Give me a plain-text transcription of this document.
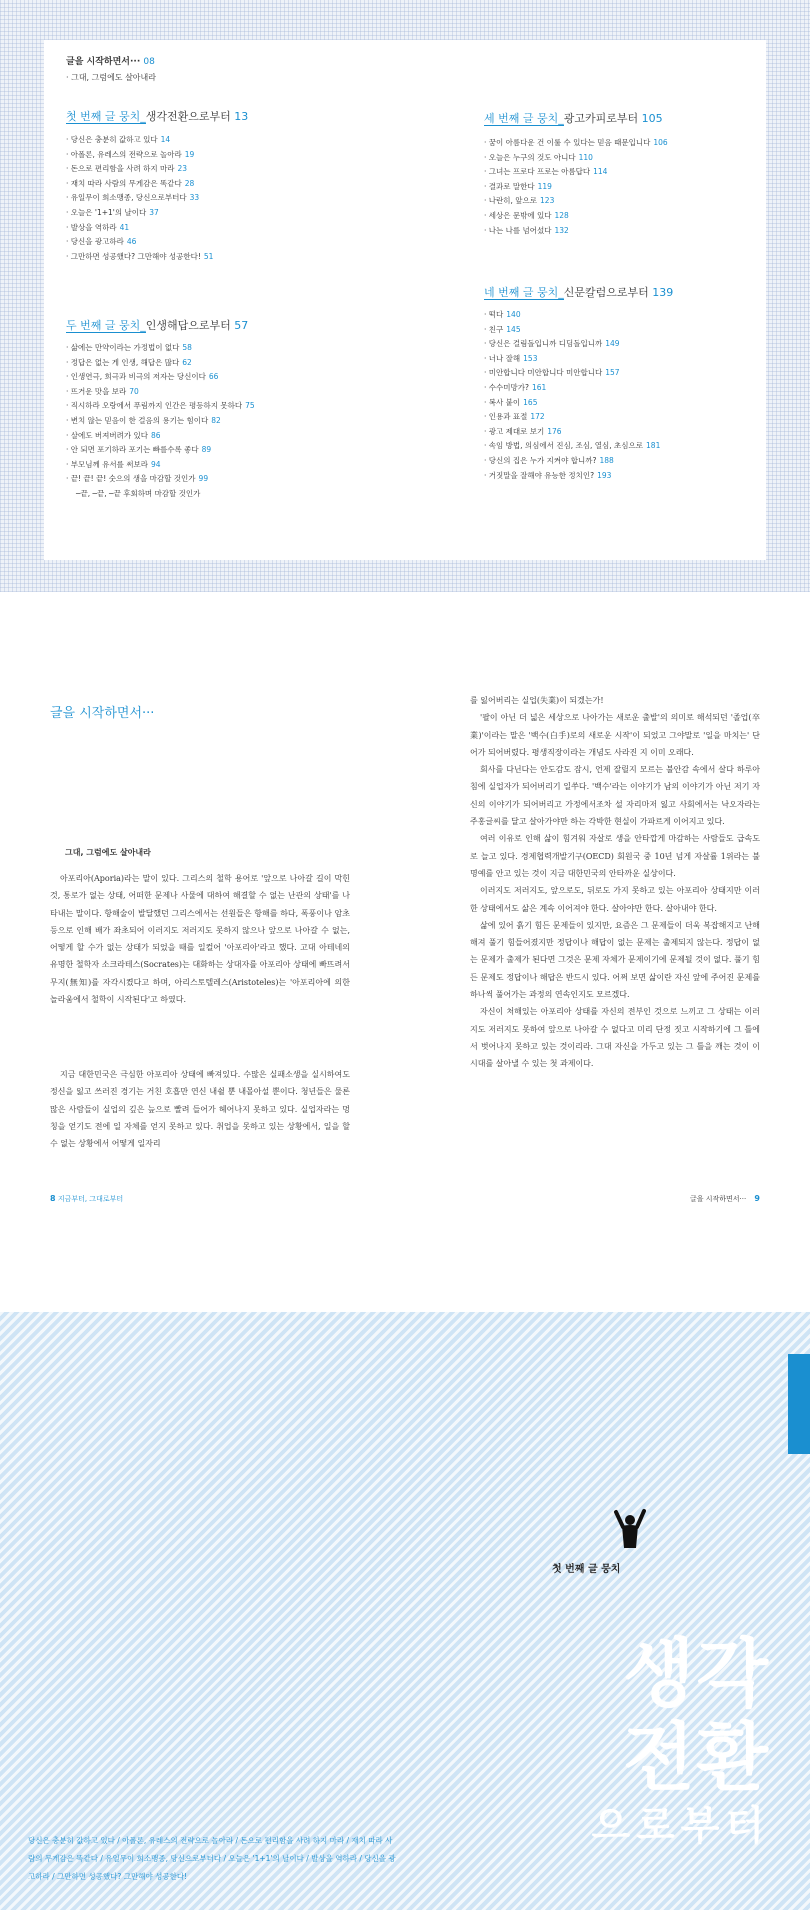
글을 시작하면서··· 08
· 그대, 그럼에도 살아내라
첫 번째 글 뭉치_생각전환으로부터 13
· 당신은 충분히 값하고 있다 14
· 아폴론, 유레스의 전략으로 놀아라 19
· 돈으로 편리함을 사려 하지 마라 23
· 재치 따라 사람의 무게감은 똑같다 28
· 유일무이 희소맹종, 당신으로부터다 33
· 오늘은 '1+1'의 날이다 37
· 발상을 역하라 41
· 당신을 광고하라 46
· 그만하면 성공했다? 그만해야 성공한다! 51
두 번째 글 뭉치_인생해답으로부터 57
· 삶에는 만약이라는 가정법이 없다 58
· 정답은 없는 게 인생, 해답은 많다 62
· 인생연극, 희극과 비극의 저자는 당신이다 66
· 뜨거운 맛을 보라 70
· 직시하라 오랑에서 푸림까지 인간은 평등하지 못하다 75
· 변치 않는 믿음이 한 걸음의 용기는 힘이다 82
· 살에도 버져버려가 있다 86
· 안 되면 포기하라 포기는 빠를수록 좋다 89
· 부모님께 유서를 써보라 94
· 끝! 끝! 끝! 숫으의 생을 마감할 것인가 99
─끝, ─끝, ─끝 후회하며 마감할 것인가
세 번째 글 뭉치_광고카피로부터 105
· 꿈이 아름다운 건 이룰 수 있다는 믿음 때문입니다 106
· 오늘은 누구의 것도 아니다 110
· 그녀는 프로다 프로는 아름답다 114
· 결과로 말한다 119
· 나란히, 앞으로 123
· 세상은 문밖에 있다 128
· 나는 나를 넘어섰다 132
네 번째 글 뭉치_신문칼럼으로부터 139
· 떡다 140
· 친구 145
· 당신은 걸림돌입니까 디딤돌입니까 149
· 너나 잘해 153
· 미안합니다 미안합니다 미안합니다 157
· 수수미망가? 161
· 복사 붙이 165
· 인용과 표절 172
· 광고 제대로 보기 176
· 속임 방법, 의심에서 진심, 조심, 열심, 초심으로 181
· 당신의 집은 누가 지켜야 합니까? 188
· 거짓말을 잘해야 유능한 정치인? 193
글을 시작하면서···
그대, 그럼에도 살아내라

아포리아(Aporia)라는 말이 있다. 그리스의 철학 용어로 '앞으로 나아갈 길이 막힌 것, 통로가 없는 상태, 어떠한 문제나 사물에 대하여 해결할 수 없는 난관의 상태'를 나타내는 말이다. 항해술이 발달했던 그리스에서는 선원들은 항해를 하다, 폭풍이나 암초 등으로 인해 배가 좌초되어 이러지도 저러지도 못하지 않으나 앞으로 나아갈 수 없는, 어떻게 할 수가 없는 상태가 되었을 때를 일컬어 '아포리아'라고 했다. 고대 아테네의 유명한 철학자 소크라테스(Socrates)는 대화하는 상대자를 아포리아 상태에 빠뜨려서 무지(無知)를 자각시켰다고 하며, 아리스토텔레스(Aristoteles)는 '아포리아에 의한 놀라움에서 철학이 시작된다'고 하였다.

지금 대한민국은 극심한 아포리아 상태에 빠져있다. 수많은 실패소생을 실시하여도 정신을 잃고 쓰러진 경기는 거친 호흡만 연신 내쉴 뿐 내몰아설 뿐이다. 청년들은 물론 많은 사람들이 실업의 깊은 늪으로 빨려 들어가 헤어나지 못하고 있다. 실업자라는 멍칭을 얻기도 전에 일 자체를 얻지 못하고 있다. 취업을 못하고 있는 상황에서, 일을 할 수 없는 상황에서 어떻게 일자리

8 지금부터, 그대로부터

를 잃어버리는 실업(失業)이 되겠는가!

'팔이 아닌 더 넓은 세상으로 나아가는 새로운 출발'의 의미로 해석되던 '졸업(卒業)'이라는 말은 '백수(白手)로의 새로운 시작'이 되었고 그야말로 '일을 마치는' 단어가 되어버렸다. 평생직장이라는 개념도 사라진 지 이미 오래다.

회사를 다닌다는 안도감도 잠시, 언제 잘릴지 모르는 불안감 속에서 살다 하루아침에 실업자가 되어버리기 일쑤다. '백수'라는 이야기가 남의 이야기가 아닌 저기 자신의 이야기가 되어버리고 가정에서조차 설 자리마저 잃고 사회에서는 낙오자라는 주홍글씨를 달고 살아가야만 하는 각박한 현실이 가파르게 이어지고 있다.

여러 이유로 인해 삶이 힘겨워 자살로 생을 안타깝게 마감하는 사람들도 급속도로 늘고 있다. 경제협력개발기구(OECD) 회원국 중 10년 넘게 자살률 1위라는 불명예를 안고 있는 것이 지금 대한민국의 안타까운 실상이다.

이러지도 저러지도, 앞으로도, 뒤로도 가지 못하고 있는 아포리아 상태지만 이러한 상태에서도 삶은 계속 이어져야 한다. 살아야만 한다. 살아내야 한다.

삶에 있어 흙기 힘든 문제들이 있지만, 요즘은 그 문제들이 더욱 복잡해지고 난해해져 풀기 힘들어졌지만 정답이나 해답이 없는 문제는 출제되지 않는다. 정답이 없는 문제가 출제가 된다면 그것은 문제 자체가 문제이기에 문제될 것이 없다. 풀기 힘든 문제도 정답이나 해답은 반드시 있다. 어쩌 보면 삶이란 자신 앞에 주어진 문제를 하나씩 풀어가는 과정의 연속인지도 모르겠다.

자신이 처해있는 아포리아 상태를 자신의 전부인 것으로 느끼고 그 상태는 이러지도 저러지도 못하여 앞으로 나아갈 수 없다고 미리 단정 짓고 시작하기에 그 틀에서 벗어나지 못하고 있는 것이리라. 그대 자신을 가두고 있는 그 틀을 깨는 것이 이 시대를 살아낼 수 있는 첫 과제이다.

글을 시작하면서··· 9
첫 번째 글 뭉치
생각
전환
으로부터
당신은 충분히 값하고 있다 / 아폴론, 유레스의 전략으로 놀아라 / 돈으로 편리함을 사려 하지 마라 / 재치 따라 사람의 무게감은 똑같다 / 유일무이 희소맹종, 당신으로부터다 / 오늘은 '1+1'의 날이다 / 발상을 역하라 / 당신을 광고하라 / 그만하면 성공했다? 그만해야 성공한다!
